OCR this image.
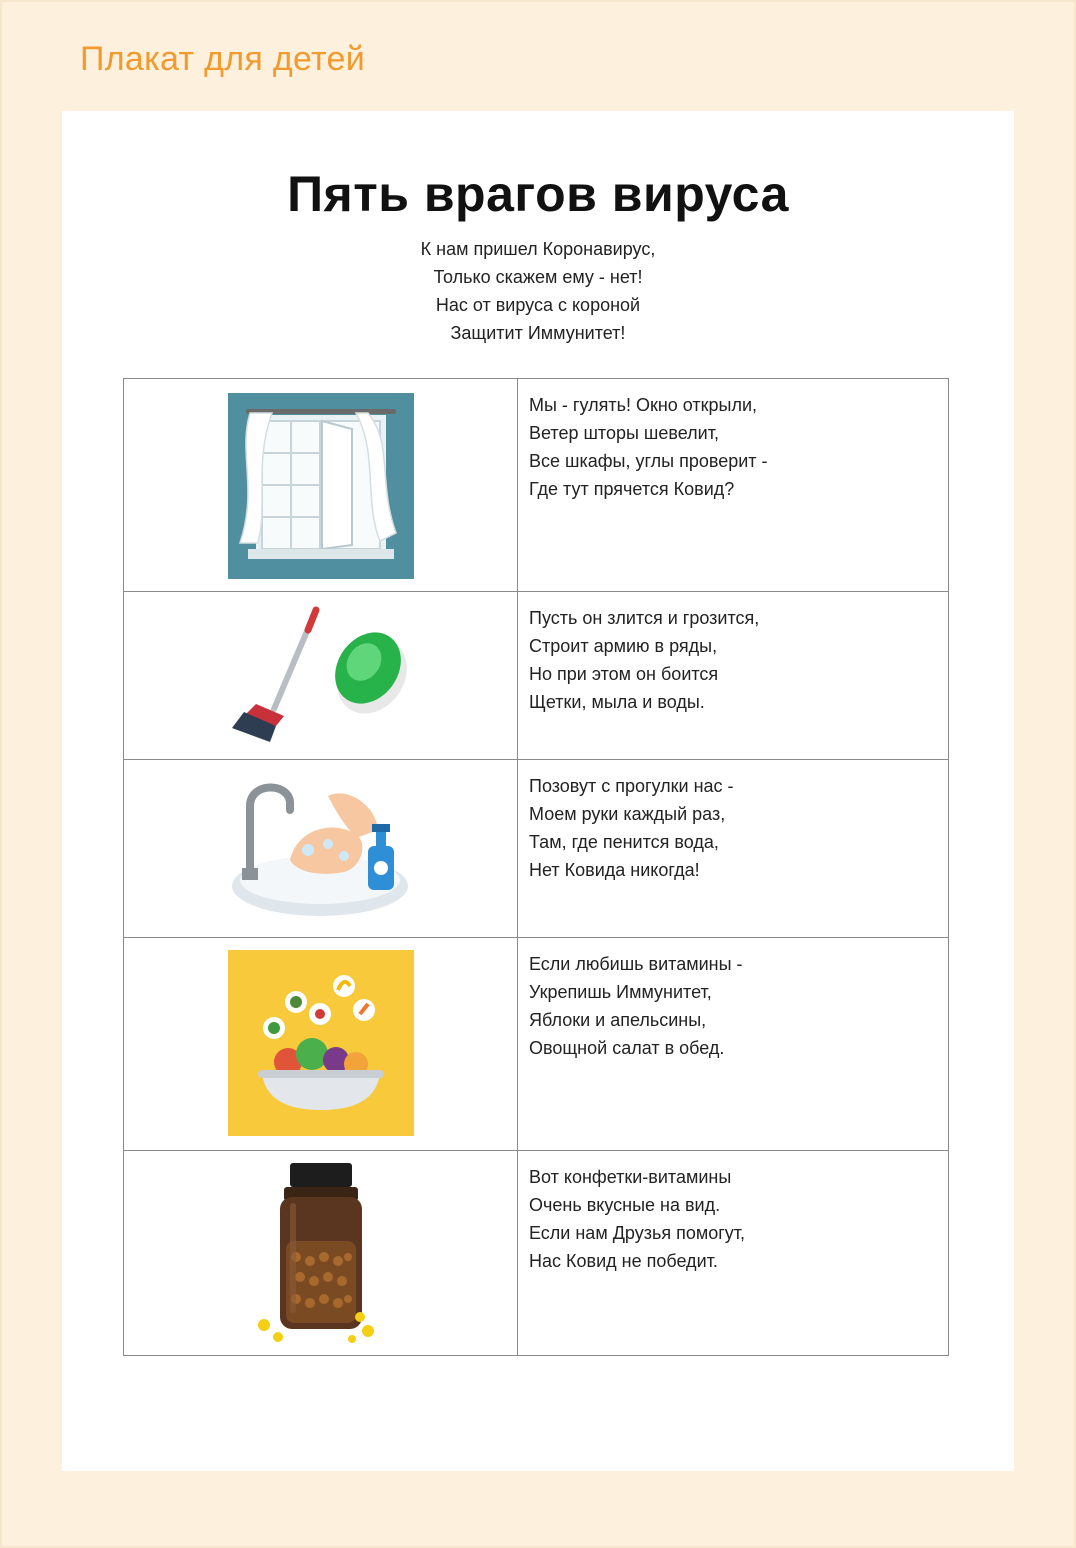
Плакат для детей
Пять врагов вируса
К нам пришел Коронавирус,
Только скажем ему - нет!
Нас от вируса с короной
Защитит Иммунитет!

Мы - гулять! Окно открыли,
Ветер шторы шевелит,
Все шкафы, углы проверит -
Где тут прячется Ковид?

Пусть он злится и грозится,
Строит армию в ряды,
Но при этом он боится
Щетки, мыла и воды.

Позовут с прогулки нас -
Моем руки каждый раз,
Там, где пенится вода,
Нет Ковида никогда!

Если любишь витамины -
Укрепишь Иммунитет,
Яблоки и апельсины,
Овощной салат в обед.

Вот конфетки-витамины
Очень вкусные на вид.
Если нам Друзья помогут,
Нас Ковид не победит.
